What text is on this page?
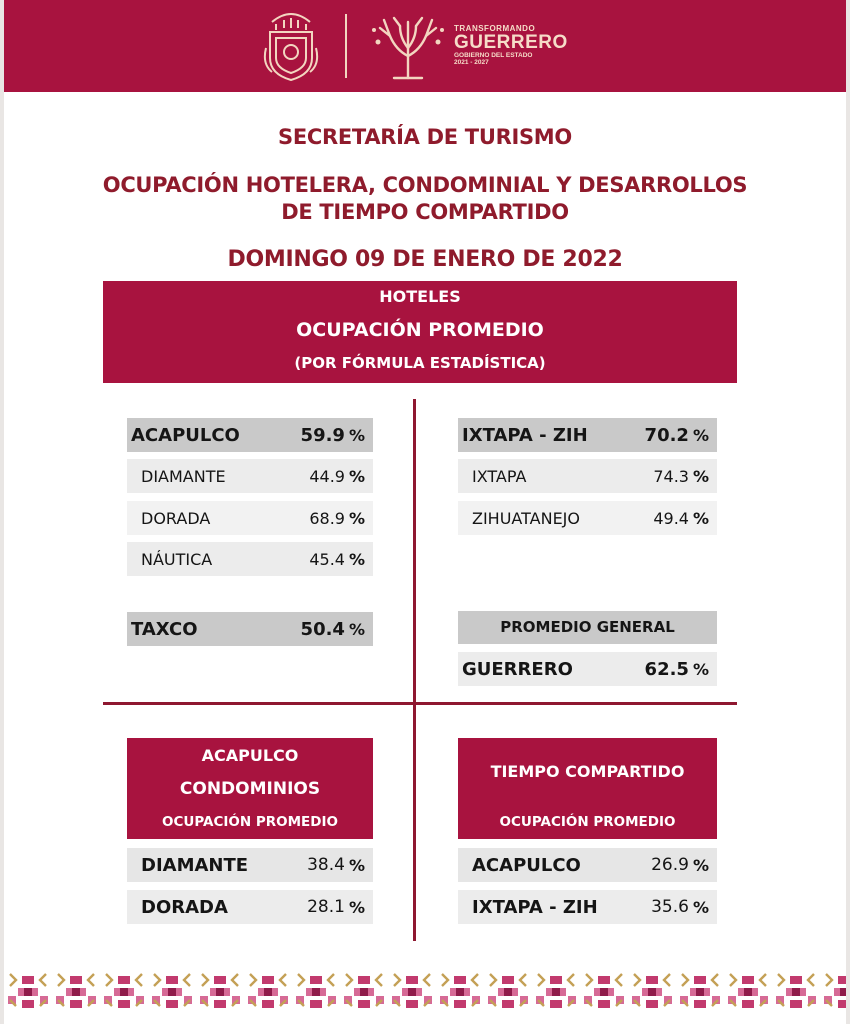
TRANSFORMANDO
GUERRERO
GOBIERNO DEL ESTADO
2021 - 2027
SECRETARÍA DE TURISMO
OCUPACIÓN HOTELERA, CONDOMINIAL Y DESARROLLOS
DE TIEMPO COMPARTIDO
DOMINGO 09 DE ENERO DE 2022
HOTELES
OCUPACIÓN PROMEDIO
(POR FÓRMULA ESTADÍSTICA)
ACAPULCO	59.9 %
DIAMANTE	44.9 %
DORADA	68.9 %
NÁUTICA	45.4 %
TAXCO	50.4 %
IXTAPA - ZIH	70.2 %
IXTAPA	74.3 %
ZIHUATANEJO	49.4 %
PROMEDIO GENERAL
GUERRERO	62.5 %
ACAPULCO
CONDOMINIOS
OCUPACIÓN PROMEDIO
DIAMANTE	38.4 %
DORADA	28.1 %
TIEMPO COMPARTIDO
OCUPACIÓN PROMEDIO
ACAPULCO	26.9 %
IXTAPA - ZIH	35.6 %
